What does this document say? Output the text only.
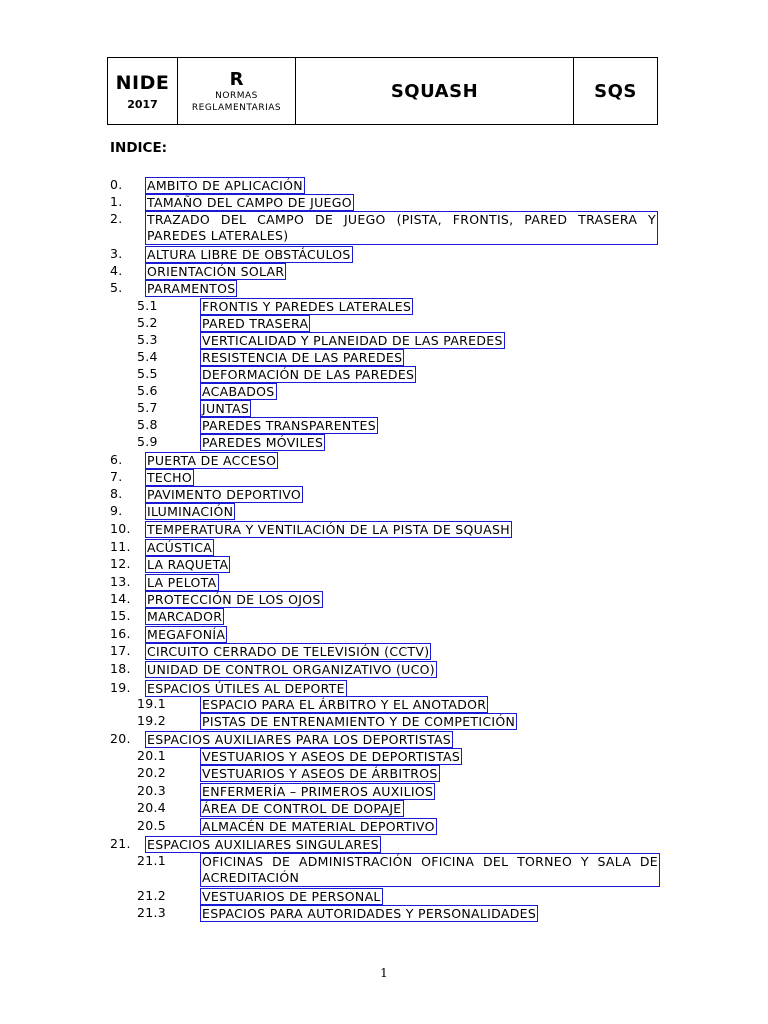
NIDE
2017
R
NORMAS REGLAMENTARIAS
SQUASH	SQS
INDICE:
0. AMBITO DE APLICACIÓN
1. TAMAÑO DEL CAMPO DE JUEGO
2. TRAZADO DEL CAMPO DE JUEGO (PISTA, FRONTIS, PARED TRASERA Y PAREDES LATERALES)
3. ALTURA LIBRE DE OBSTÁCULOS
4. ORIENTACIÓN SOLAR
5. PARAMENTOS
5.1	FRONTIS Y PAREDES LATERALES
5.2	PARED TRASERA
5.3	VERTICALIDAD Y PLANEIDAD DE LAS PAREDES
5.4	RESISTENCIA DE LAS PAREDES
5.5	DEFORMACIÓN DE LAS PAREDES
5.6	ACABADOS
5.7	JUNTAS
5.8	PAREDES TRANSPARENTES
5.9	PAREDES MÓVILES
6. PUERTA DE ACCESO
7. TECHO
8. PAVIMENTO DEPORTIVO
9. ILUMINACIÓN
10. TEMPERATURA Y VENTILACIÓN DE LA PISTA DE SQUASH
11. ACÚSTICA
12. LA RAQUETA
13. LA PELOTA
14. PROTECCIÓN DE LOS OJOS
15. MARCADOR
16. MEGAFONÍA
17. CIRCUITO CERRADO DE TELEVISIÓN (CCTV)
18. UNIDAD DE CONTROL ORGANIZATIVO (UCO)
19. ESPACIOS ÚTILES AL DEPORTE
19.1	ESPACIO PARA EL ÁRBITRO Y EL ANOTADOR
19.2	PISTAS DE ENTRENAMIENTO Y DE COMPETICIÓN
20. ESPACIOS AUXILIARES PARA LOS DEPORTISTAS
20.1	VESTUARIOS Y ASEOS DE DEPORTISTAS
20.2	VESTUARIOS Y ASEOS DE ÁRBITROS
20.3	ENFERMERÍA – PRIMEROS AUXILIOS
20.4	ÁREA DE CONTROL DE DOPAJE
20.5	ALMACÉN DE MATERIAL DEPORTIVO
21. ESPACIOS AUXILIARES SINGULARES
21.1	OFICINAS DE ADMINISTRACIÓN OFICINA DEL TORNEO Y SALA DE ACREDITACIÓN
21.2	VESTUARIOS DE PERSONAL
21.3	ESPACIOS PARA AUTORIDADES Y PERSONALIDADES
1
